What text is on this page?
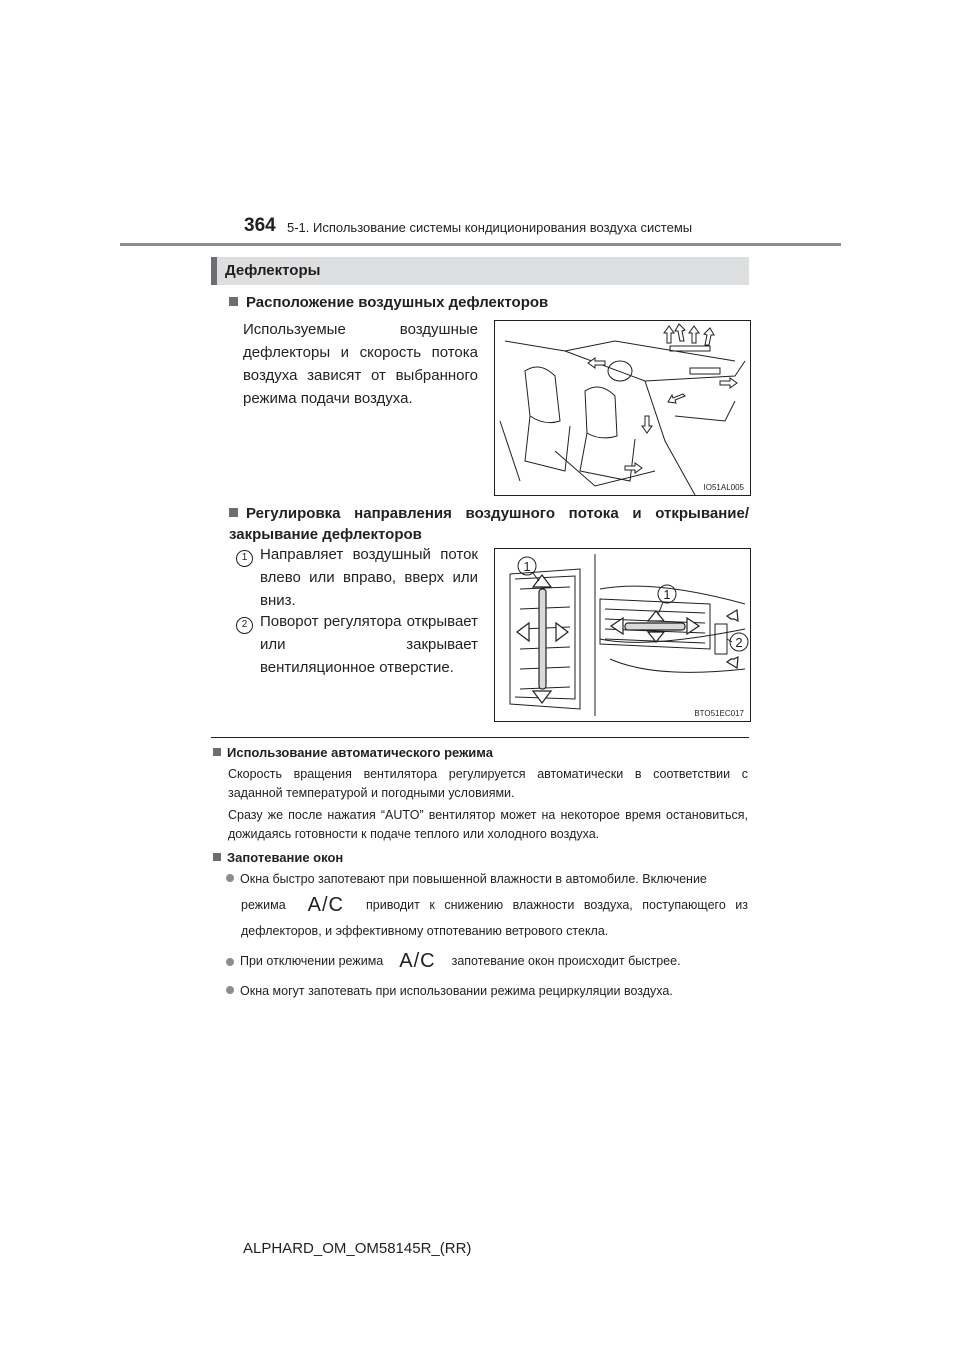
364 5-1. Использование системы кондиционирования воздуха системы
Дефлекторы
Расположение воздушных дефлекторов
Используемые воздушные дефлекторы и скорость потока воздуха зависят от выбранного режима подачи воздуха.
IO51AL005
Регулировка направления воздушного потока и открывание/ закрывание дефлекторов
1 Направляет воздушный поток влево или вправо, вверх или вниз.
2 Поворот регулятора открывает или закрывает вентиляционное отверстие.
1
1
2
BTO51EC017
Использование автоматического режима
Скорость вращения вентилятора регулируется автоматически в соответствии с заданной температурой и погодными условиями.
Сразу же после нажатия “AUTO” вентилятор может на некоторое время остановиться, дожидаясь готовности к подаче теплого или холодного воздуха.
Запотевание окон
Окна быстро запотевают при повышенной влажности в автомобиле. Включение
режима	A/C	приводит к снижению влажности воздуха, поступающего из
дефлекторов, и эффективному отпотеванию ветрового стекла.
При отключении режима A/C	запотевание окон происходит быстрее.
Окна могут запотевать при использовании режима рециркуляции воздуха.
ALPHARD_OM_OM58145R_(RR)
